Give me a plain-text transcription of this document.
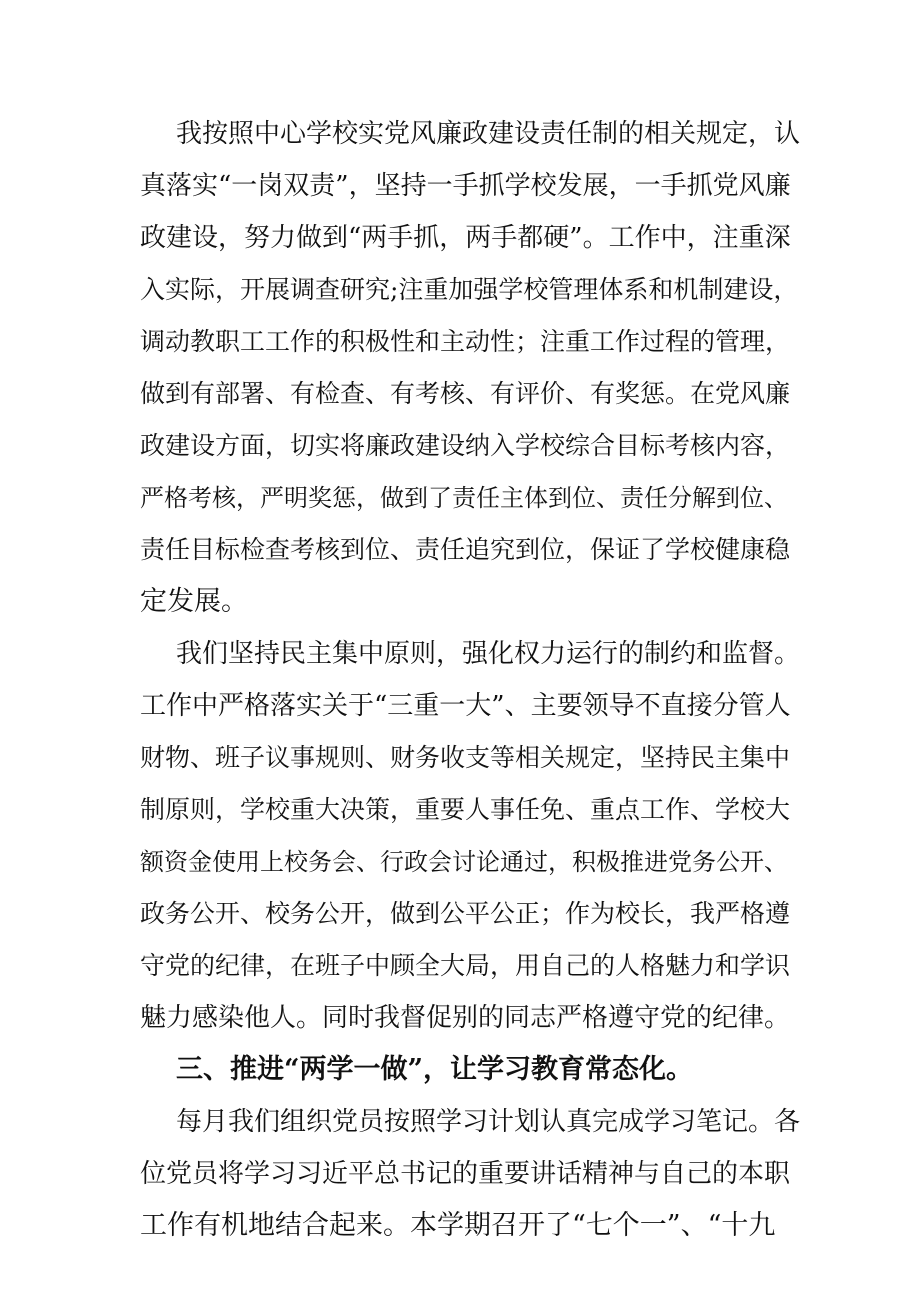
我按照中心学校实党风廉政建设责任制的相关规定，认
真落实“一岗双责”，坚持一手抓学校发展，一手抓党风廉
政建设，努力做到“两手抓，两手都硬”。工作中，注重深
入实际，开展调查研究;注重加强学校管理体系和机制建设，
调动教职工工作的积极性和主动性；注重工作过程的管理，
做到有部署、有检查、有考核、有评价、有奖惩。在党风廉
政建设方面，切实将廉政建设纳入学校综合目标考核内容，
严格考核，严明奖惩，做到了责任主体到位、责任分解到位、
责任目标检查考核到位、责任追究到位，保证了学校健康稳
定发展。
我们坚持民主集中原则，强化权力运行的制约和监督。
工作中严格落实关于“三重一大”、主要领导不直接分管人
财物、班子议事规则、财务收支等相关规定，坚持民主集中
制原则，学校重大决策，重要人事任免、重点工作、学校大
额资金使用上校务会、行政会讨论通过，积极推进党务公开、
政务公开、校务公开，做到公平公正；作为校长，我严格遵
守党的纪律，在班子中顾全大局，用自己的人格魅力和学识
魅力感染他人。同时我督促别的同志严格遵守党的纪律。
三、推进“两学一做”，让学习教育常态化。
每月我们组织党员按照学习计划认真完成学习笔记。各
位党员将学习习近平总书记的重要讲话精神与自己的本职
工作有机地结合起来。本学期召开了“七个一”、“十九
